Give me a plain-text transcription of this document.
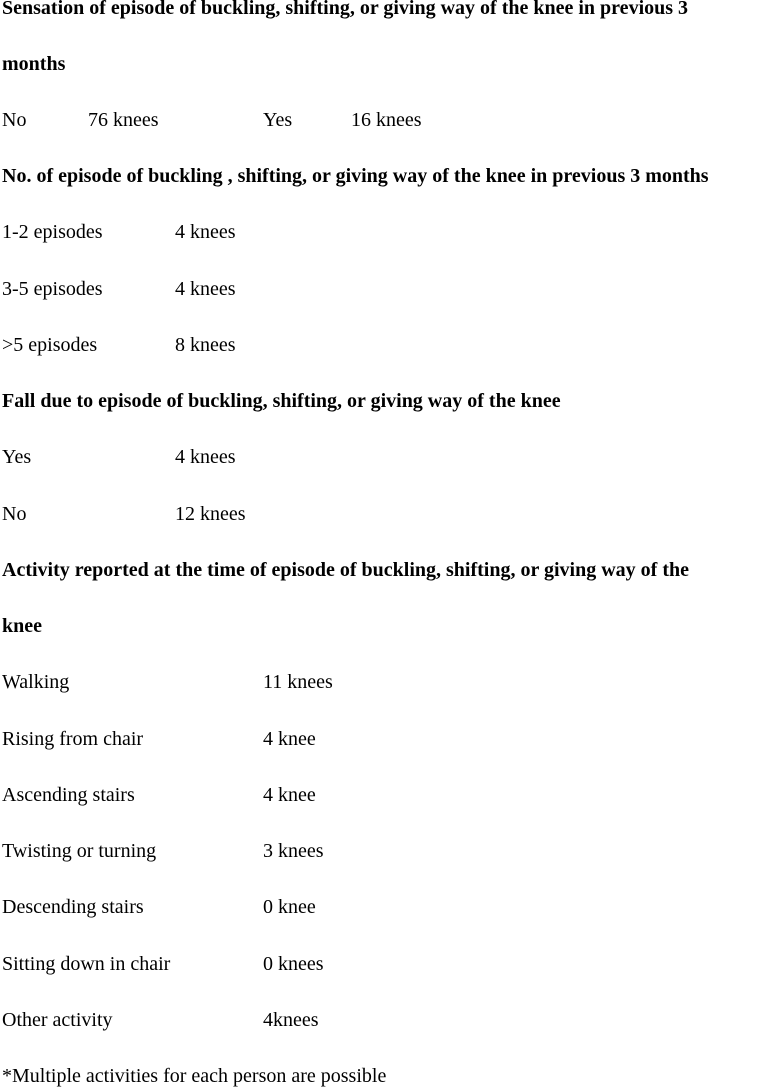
Sensation of episode of buckling, shifting, or giving way of the knee in previous 3
months
No	76 knees	Yes	16 knees
No. of episode of buckling , shifting, or giving way of the knee in previous 3 months
1-2 episodes	4 knees
3-5 episodes	4 knees
>5 episodes	8 knees
Fall due to episode of buckling, shifting, or giving way of the knee
Yes	4 knees
No	12 knees
Activity reported at the time of episode of buckling, shifting, or giving way of the
knee
Walking	11 knees
Rising from chair	4 knee
Ascending stairs	4 knee
Twisting or turning	3 knees
Descending stairs	0 knee
Sitting down in chair	0 knees
Other activity	4knees
*Multiple activities for each person are possible
